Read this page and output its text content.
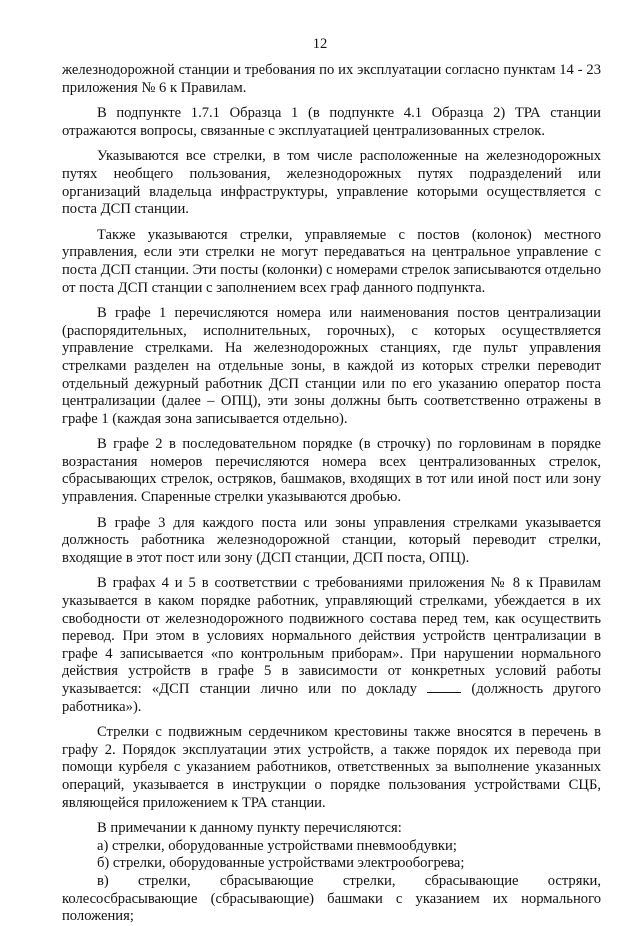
12

железнодорожной станции и требования по их эксплуатации согласно пунктам 14 - 23 приложения № 6 к Правилам.

В подпункте 1.7.1 Образца 1 (в подпункте 4.1 Образца 2) ТРА станции отражаются вопросы, связанные с эксплуатацией централизованных стрелок.

Указываются все стрелки, в том числе расположенные на железнодорожных путях необщего пользования, железнодорожных путях подразделений или организаций владельца инфраструктуры, управление которыми осуществляется с поста ДСП станции.

Также указываются стрелки, управляемые с постов (колонок) местного управления, если эти стрелки не могут передаваться на центральное управление с поста ДСП станции. Эти посты (колонки) с номерами стрелок записываются отдельно от поста ДСП станции с заполнением всех граф данного подпункта.

В графе 1 перечисляются номера или наименования постов централизации (распорядительных, исполнительных, горочных), с которых осуществляется управление стрелками. На железнодорожных станциях, где пульт управления стрелками разделен на отдельные зоны, в каждой из которых стрелки переводит отдельный дежурный работник ДСП станции или по его указанию оператор поста централизации (далее – ОПЦ), эти зоны должны быть соответственно отражены в графе 1 (каждая зона записывается отдельно).

В графе 2 в последовательном порядке (в строчку) по горловинам в порядке возрастания номеров перечисляются номера всех централизованных стрелок, сбрасывающих стрелок, остряков, башмаков, входящих в тот или иной пост или зону управления. Спаренные стрелки указываются дробью.

В графе 3 для каждого поста или зоны управления стрелками указывается должность работника железнодорожной станции, который переводит стрелки, входящие в этот пост или зону (ДСП станции, ДСП поста, ОПЦ).

В графах 4 и 5 в соответствии с требованиями приложения № 8 к Правилам указывается в каком порядке работник, управляющий стрелками, убеждается в их свободности от железнодорожного подвижного состава перед тем, как осуществить перевод. При этом в условиях нормального действия устройств централизации в графе 4 записывается «по контрольным приборам». При нарушении нормального действия устройств в графе 5 в зависимости от конкретных условий работы указывается: «ДСП станции лично или по докладу	(должность другого работника»).

Стрелки с подвижным сердечником крестовины также вносятся в перечень в графу 2. Порядок эксплуатации этих устройств, а также порядок их перевода при помощи курбеля с указанием работников, ответственных за выполнение указанных операций, указывается в инструкции о порядке пользования устройствами СЦБ, являющейся приложением к ТРА станции.

В примечании к данному пункту перечисляются:

а) стрелки, оборудованные устройствами пневмообдувки;

б) стрелки, оборудованные устройствами электрообогрева;

в) стрелки, сбрасывающие стрелки, сбрасывающие остряки, колесосбрасывающие (сбрасывающие) башмаки с указанием их нормального положения;
